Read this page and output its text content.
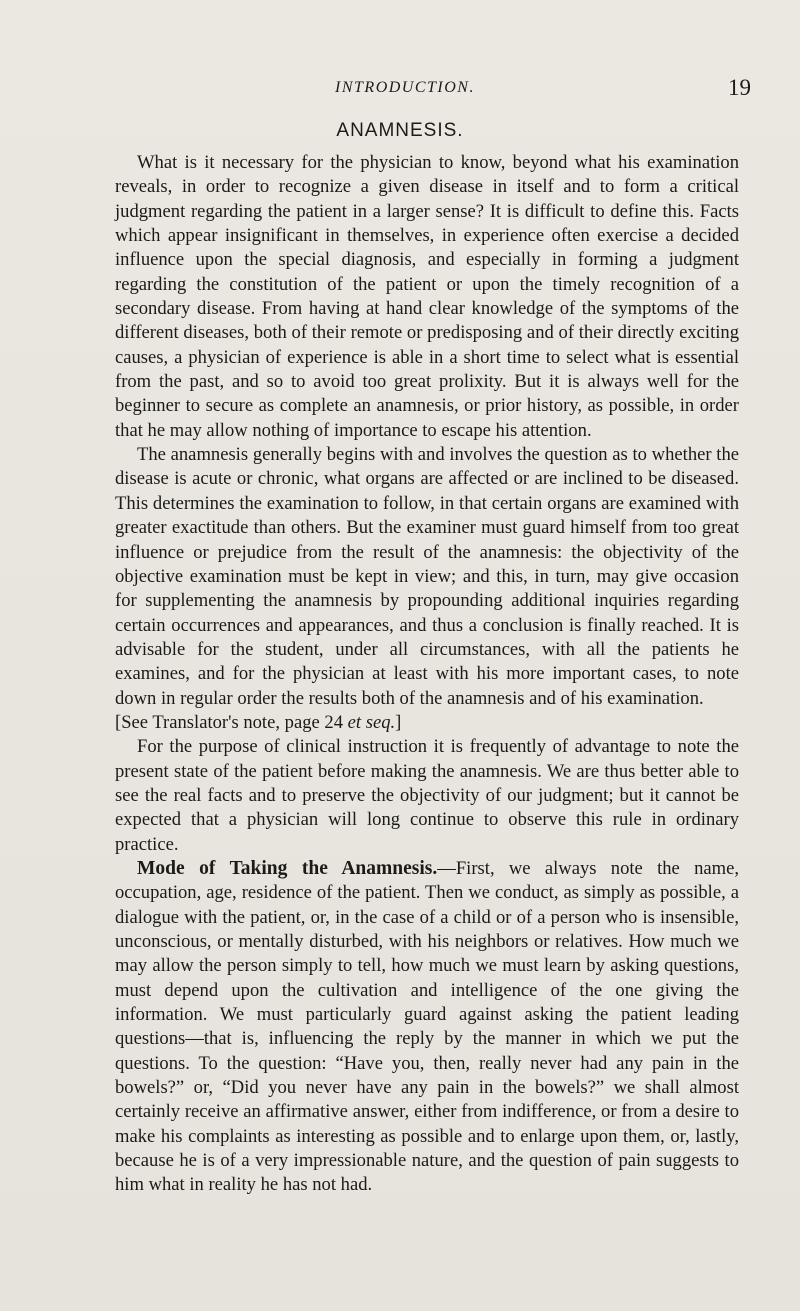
INTRODUCTION.	19
ANAMNESIS.

What is it necessary for the physician to know, beyond what his examination reveals, in order to recognize a given disease in itself and to form a critical judgment regarding the patient in a larger sense? It is difficult to define this. Facts which appear insignificant in themselves, in experience often exercise a decided influence upon the special diagnosis, and especially in forming a judgment regarding the constitution of the patient or upon the timely recognition of a secondary disease. From having at hand clear knowledge of the symptoms of the different diseases, both of their remote or predisposing and of their directly exciting causes, a physician of experience is able in a short time to select what is essential from the past, and so to avoid too great prolixity. But it is always well for the beginner to secure as complete an anamnesis, or prior history, as possible, in order that he may allow nothing of importance to escape his attention.

The anamnesis generally begins with and involves the question as to whether the disease is acute or chronic, what organs are affected or are inclined to be diseased. This determines the examination to follow, in that certain organs are examined with greater exactitude than others. But the examiner must guard himself from too great influence or prejudice from the result of the anamnesis: the objectivity of the objective examination must be kept in view; and this, in turn, may give occasion for supplementing the anamnesis by propounding additional inquiries regarding certain occurrences and appearances, and thus a conclusion is finally reached. It is advisable for the student, under all circumstances, with all the patients he examines, and for the physician at least with his more important cases, to note down in regular order the results both of the anamnesis and of his examination.
[See Translator's note, page 24 et seq.]

For the purpose of clinical instruction it is frequently of advantage to note the present state of the patient before making the anamnesis. We are thus better able to see the real facts and to preserve the objectivity of our judgment; but it cannot be expected that a physician will long continue to observe this rule in ordinary practice.

Mode of Taking the Anamnesis.—First, we always note the name, occupation, age, residence of the patient. Then we conduct, as simply as possible, a dialogue with the patient, or, in the case of a child or of a person who is insensible, unconscious, or mentally disturbed, with his neighbors or relatives. How much we may allow the person simply to tell, how much we must learn by asking questions, must depend upon the cultivation and intelligence of the one giving the information. We must particularly guard against asking the patient leading questions—that is, influencing the reply by the manner in which we put the questions. To the question: “Have you, then, really never had any pain in the bowels?” or, “Did you never have any pain in the bowels?” we shall almost certainly receive an affirmative answer, either from indifference, or from a desire to make his complaints as interesting as possible and to enlarge upon them, or, lastly, because he is of a very impressionable nature, and the question of pain suggests to him what in reality he has not had.
